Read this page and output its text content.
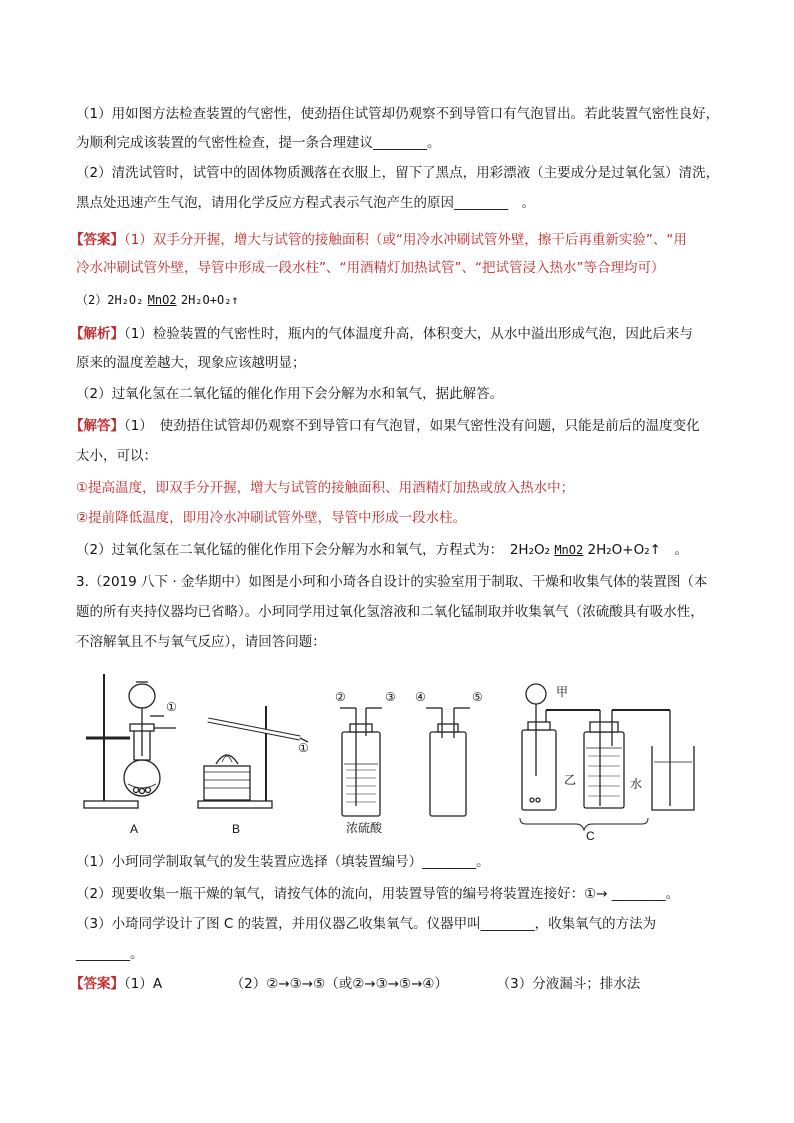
（1）用如图方法检查装置的气密性，使劲捂住试管却仍观察不到导管口有气泡冒出。若此装置气密性良好，
为顺利完成该装置的气密性检查，提一条合理建议________。
（2）清洗试管时，试管中的固体物质溅落在衣服上，留下了黑点，用彩漂液（主要成分是过氧化氢）清洗，
黑点处迅速产生气泡，请用化学反应方程式表示气泡产生的原因________　。
【答案】（1）双手分开握，增大与试管的接触面积（或“用冷水冲刷试管外壁，擦干后再重新实验”、“用
冷水冲刷试管外壁，导管中形成一段水柱”、“用酒精灯加热试管”、“把试管浸入热水”等合理均可）
（2）2H₂O₂ MnO2 2H₂O+O₂↑
【解析】（1）检验装置的气密性时，瓶内的气体温度升高，体积变大，从水中溢出形成气泡，因此后来与
原来的温度差越大，现象应该越明显；
（2）过氧化氢在二氧化锰的催化作用下会分解为水和氧气，据此解答。
【解答】（1）　使劲捂住试管却仍观察不到导管口有气泡冒，如果气密性没有问题，只能是前后的温度变化
太小，可以：
①提高温度，即双手分开握，增大与试管的接触面积、用酒精灯加热或放入热水中；
②提前降低温度，即用冷水冲刷试管外壁，导管中形成一段水柱。
（2）过氧化氢在二氧化锰的催化作用下会分解为水和氧气，方程式为：　2H₂O₂ MnO2 2H₂O+O₂↑　。
3.（2019 八下 · 金华期中）如图是小珂和小琦各自设计的实验室用于制取、干燥和收集气体的装置图（本
题的所有夹持仪器均已省略）。小珂同学用过氧化氢溶液和二氧化锰制取并收集氧气（浓硫酸具有吸水性，
不溶解氧且不与氧气反应），请回答问题：
A
①
B
①
②	③
浓硫酸
④	⑤	甲
乙	水
C
（1）小珂同学制取氧气的发生装置应选择（填装置编号）________。
（2）现要收集一瓶干燥的氧气，请按气体的流向，用装置导管的编号将装置连接好：①→ ________。
（3）小琦同学设计了图 C 的装置，并用仪器乙收集氧气。仪器甲叫________，收集氧气的方法为
________。
【答案】（1）A	（2）②→③→⑤（或②→③→⑤→④）	（3）分液漏斗；排水法
